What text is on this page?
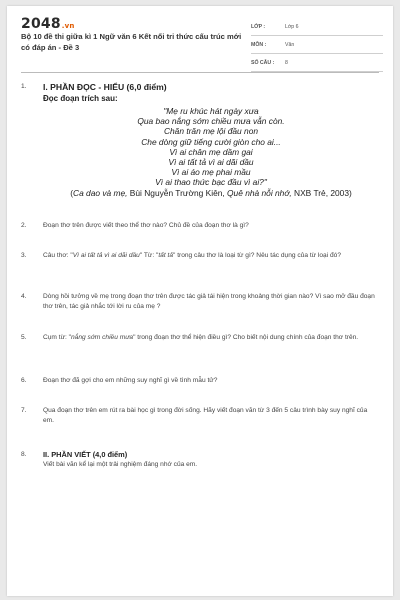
2048.vn
Bộ 10 đề thi giữa kì 1 Ngữ văn 6 Kết nối tri thức cấu trúc mới có đáp án - Đề 3
LỚP :	Lớp 6
MÔN :	Văn
SỐ CÂU :	8
1.	I. PHẦN ĐỌC - HIỂU (6,0 điểm)
Đọc đoạn trích sau:
"Mẹ ru khúc hát ngày xưa
Qua bao nắng sớm chiều mưa vẫn còn.
Chăn trăn mẹ lội đầu non
Che dòng giữ tiếng cười giòn cho ai...
Vì ai chân mẹ dầm gai
Vì ai tất tả vì ai dãi dầu
Vì ai áo mẹ phai mầu
Vì ai thao thức bạc đầu vì ai?"
(Ca dao và mẹ, Bùi Nguyễn Trường Kiên, Quê nhà nỗi nhớ, NXB Trẻ, 2003)
2.	Đoạn thơ trên được viết theo thể thơ nào? Chủ đề của đoạn thơ là gì?
3.	Câu thơ: "Vì ai tất tả vì ai dãi dầu" Từ: "tất tả" trong câu thơ là loại từ gì? Nêu tác dụng của từ loại đó?
4.	Dòng hồi tưởng về mẹ trong đoạn thơ trên được tác giả tái hiện trong khoảng thời gian nào? Vì sao mở đầu đoạn thơ trên, tác giả nhắc tới lời ru của mẹ ?
5.	Cụm từ: "nắng sớm chiều mưa" trong đoạn thơ thể hiện điều gì? Cho biết nội dung chính của đoạn thơ trên.
6.	Đoạn thơ đã gợi cho em những suy nghĩ gì về tình mẫu tử?
7.	Qua đoạn thơ trên em rút ra bài học gì trong đời sống. Hãy viết đoạn văn từ 3 đến 5 câu trình bày suy nghĩ của em.
8.	II. PHẦN VIẾT (4,0 điểm)
Viết bài văn kể lại một trải nghiệm đáng nhớ của em.
